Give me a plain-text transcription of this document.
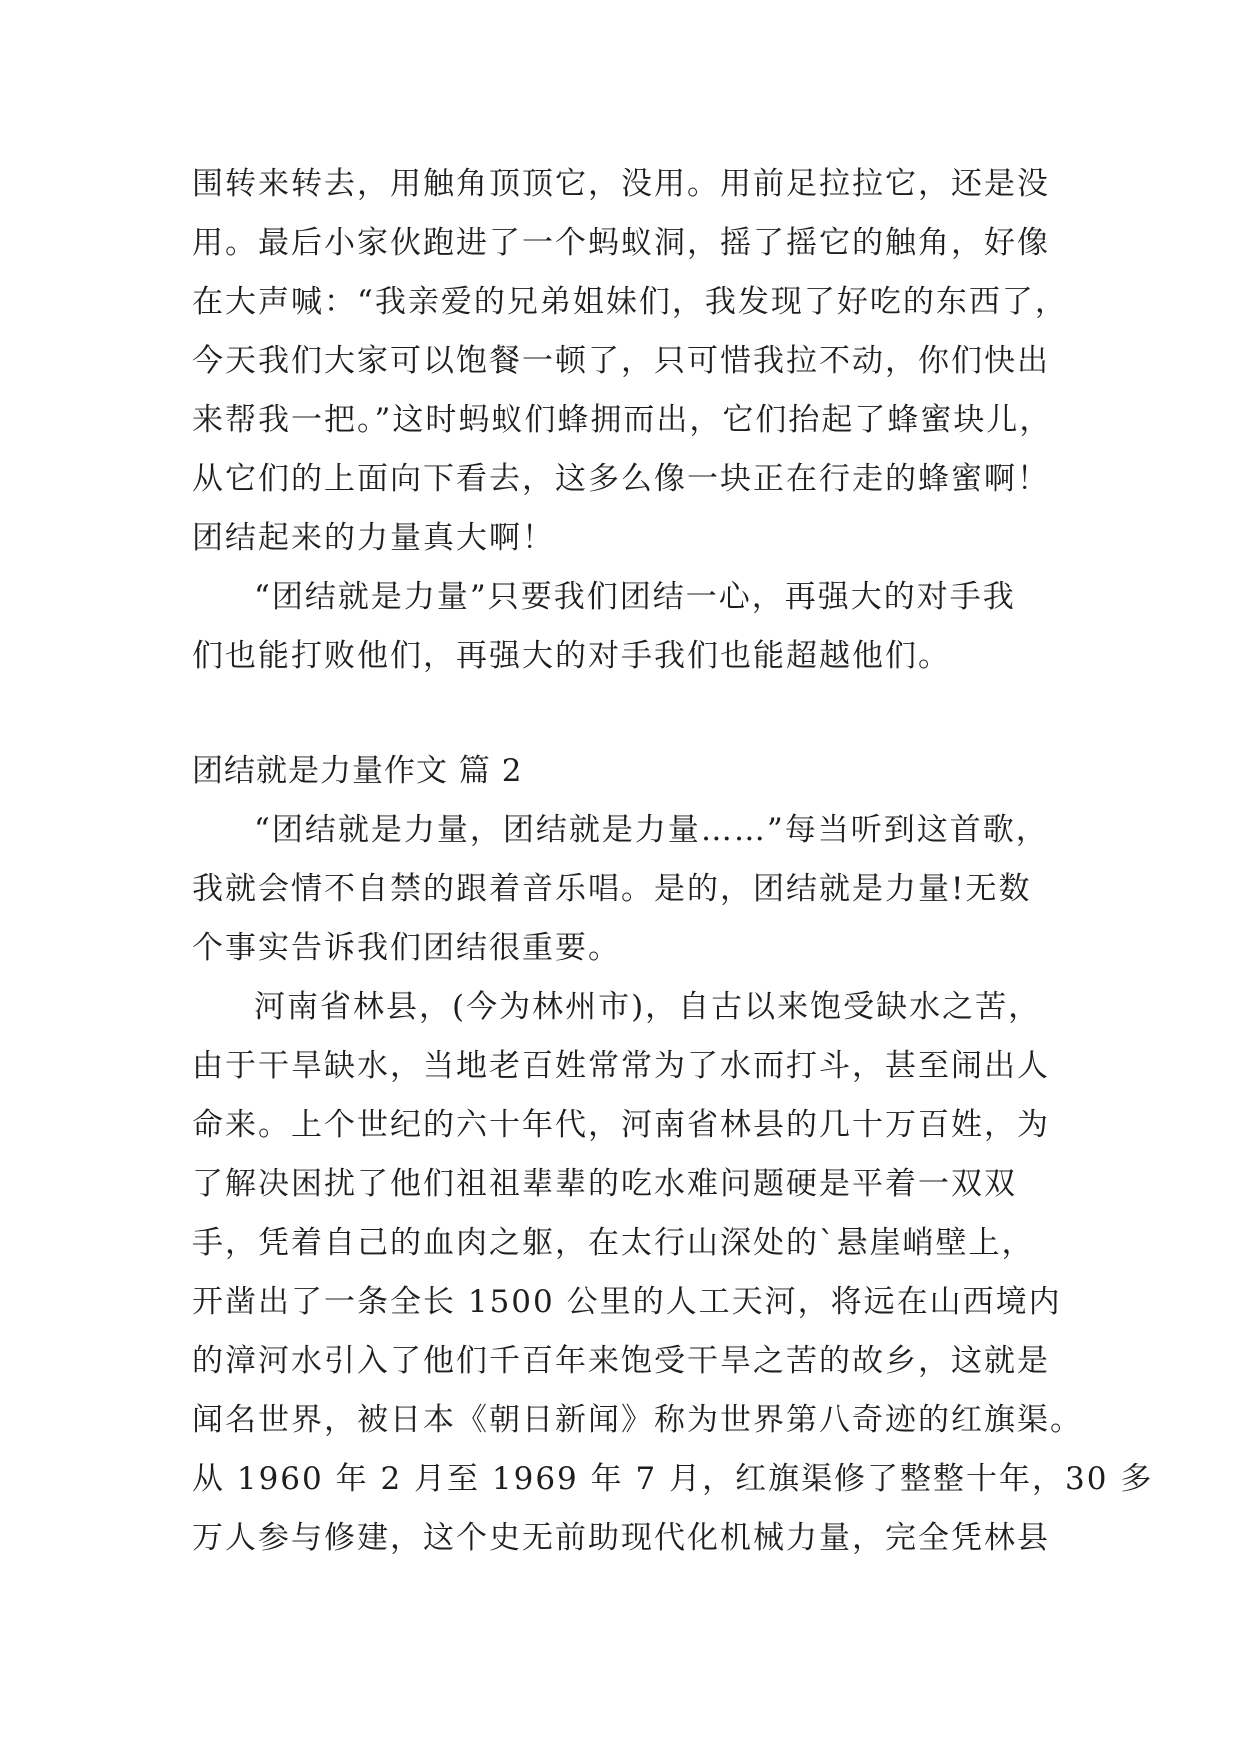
围转来转去，用触角顶顶它，没用。用前足拉拉它，还是没
用。最后小家伙跑进了一个蚂蚁洞，摇了摇它的触角，好像
在大声喊：“我亲爱的兄弟姐妹们，我发现了好吃的东西了，
今天我们大家可以饱餐一顿了，只可惜我拉不动，你们快出
来帮我一把。”这时蚂蚁们蜂拥而出，它们抬起了蜂蜜块儿，
从它们的上面向下看去，这多么像一块正在行走的蜂蜜啊！
团结起来的力量真大啊！
“团结就是力量”只要我们团结一心，再强大的对手我
们也能打败他们，再强大的对手我们也能超越他们。
团结就是力量作文 篇 2
“团结就是力量，团结就是力量……”每当听到这首歌，
我就会情不自禁的跟着音乐唱。是的，团结就是力量!无数
个事实告诉我们团结很重要。
河南省林县，(今为林州市)，自古以来饱受缺水之苦，
由于干旱缺水，当地老百姓常常为了水而打斗，甚至闹出人
命来。上个世纪的六十年代，河南省林县的几十万百姓，为
了解决困扰了他们祖祖辈辈的吃水难问题硬是平着一双双
手，凭着自己的血肉之躯，在太行山深处的`悬崖峭壁上，
开凿出了一条全长 1500 公里的人工天河，将远在山西境内
的漳河水引入了他们千百年来饱受干旱之苦的故乡，这就是
闻名世界，被日本《朝日新闻》称为世界第八奇迹的红旗渠。
从 1960 年 2 月至 1969 年 7 月，红旗渠修了整整十年，30 多
万人参与修建，这个史无前助现代化机械力量，完全凭林县
